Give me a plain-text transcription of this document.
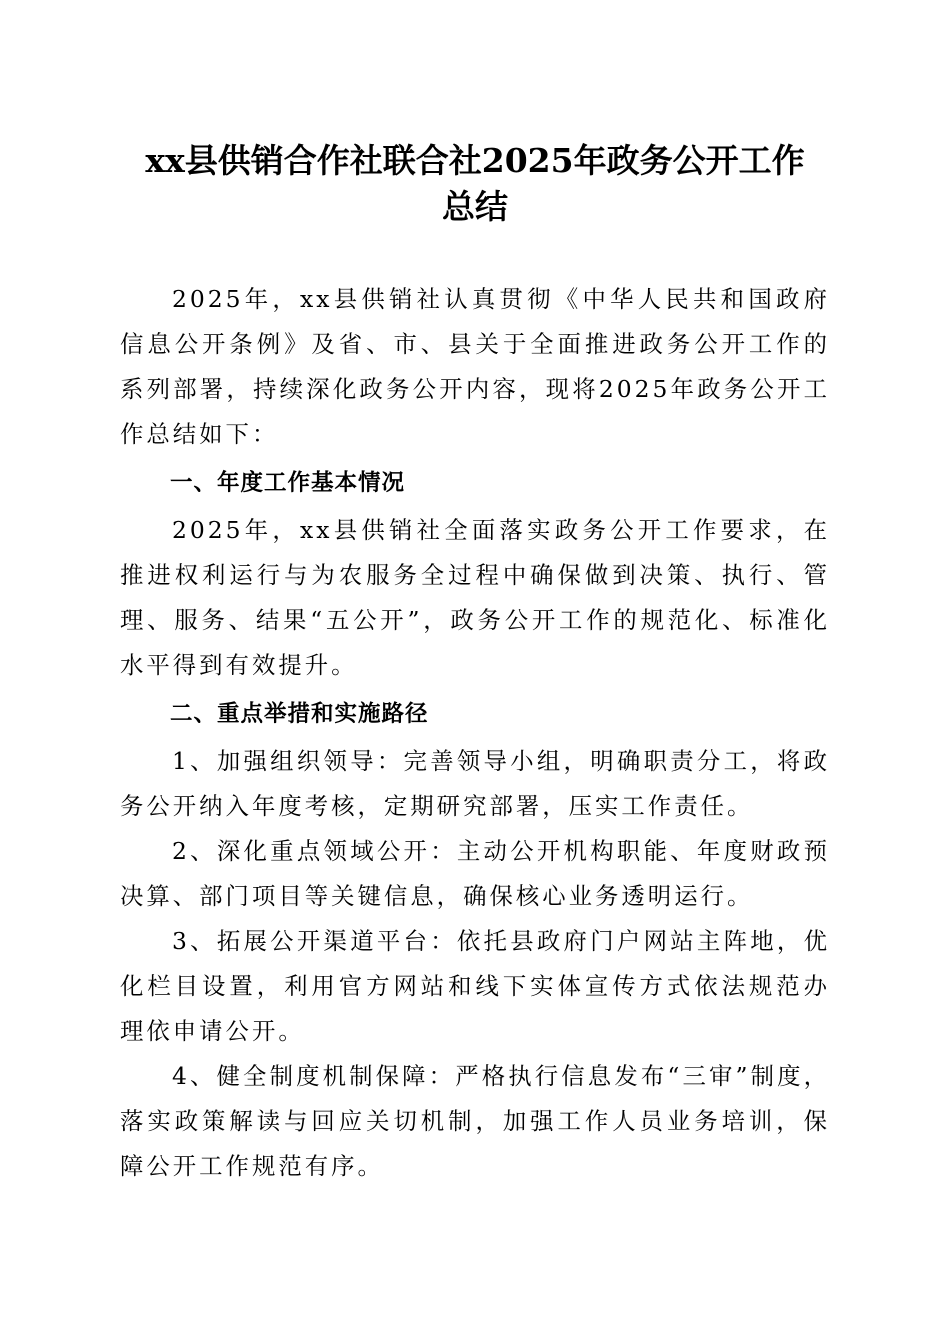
xx县供销合作社联合社2025年政务公开工作
总结

2025年，xx县供销社认真贯彻《中华人民共和国政府信息公开条例》及省、市、县关于全面推进政务公开工作的系列部署，持续深化政务公开内容，现将2025年政务公开工作总结如下：

一、年度工作基本情况

2025年，xx县供销社全面落实政务公开工作要求，在推进权利运行与为农服务全过程中确保做到决策、执行、管理、服务、结果“五公开”，政务公开工作的规范化、标准化水平得到有效提升。

二、重点举措和实施路径

1、加强组织领导：完善领导小组，明确职责分工，将政务公开纳入年度考核，定期研究部署，压实工作责任。

2、深化重点领域公开：主动公开机构职能、年度财政预决算、部门项目等关键信息，确保核心业务透明运行。

3、拓展公开渠道平台：依托县政府门户网站主阵地，优化栏目设置，利用官方网站和线下实体宣传方式依法规范办理依申请公开。

4、健全制度机制保障：严格执行信息发布“三审”制度，落实政策解读与回应关切机制，加强工作人员业务培训，保障公开工作规范有序。
